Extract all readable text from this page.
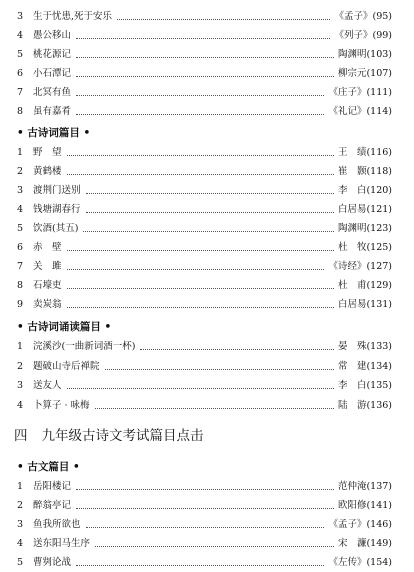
3	生于忧患,死于安乐	《孟子》(95)
4	愚公移山	《列子》(99)
5	桃花源记	陶渊明(103)
6	小石潭记	柳宗元(107)
7	北冥有鱼	《庄子》(111)
8	虽有嘉肴	《礼记》(114)
1	野　望	王　绩(116)
2	黄鹤楼	崔　颢(118)
3	渡荆门送别	李　白(120)
4	钱塘湖春行	白居易(121)
5	饮酒(其五)	陶渊明(123)
6	赤　壁	杜　牧(125)
7	关　雎	《诗经》(127)
8	石壕吏	杜　甫(129)
9	卖炭翁	白居易(131)
1	浣溪沙(一曲新词酒一杯)	晏　殊(133)
2	题破山寺后禅院	常　建(134)
3	送友人	李　白(135)
4	卜算子 · 咏梅	陆　游(136)
1	岳阳楼记	范仲淹(137)
2	醉翁亭记	欧阳修(141)
3	鱼我所欲也	《孟子》(146)
4	送东阳马生序	宋　濂(149)
5	曹刿论战	《左传》(154)
• 古诗词篇目 •
• 古诗词诵读篇目 •
四 九年级古诗文考试篇目点击
• 古文篇目 •
